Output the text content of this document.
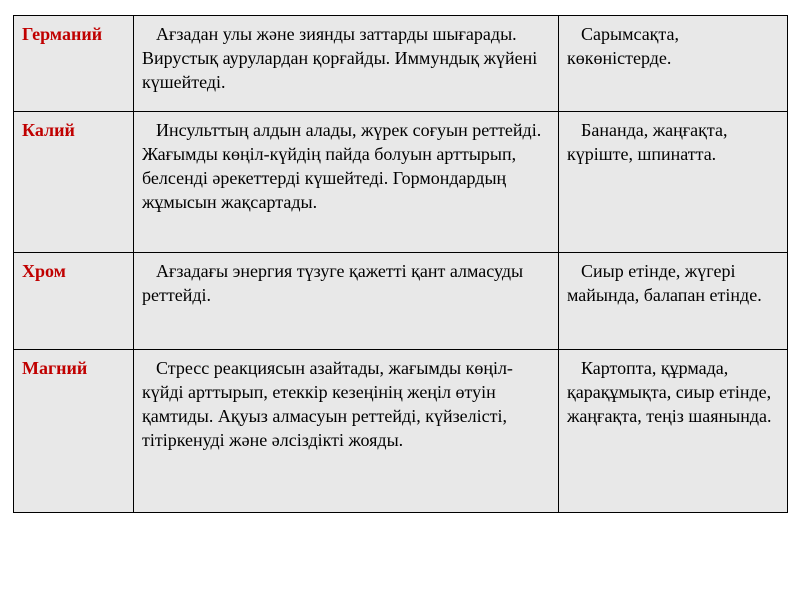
Германий	Ағзадан улы және зиянды заттарды шығарады. Вирустық аурулардан қорғайды. Иммундық жүйені күшейтеді.	Сарымсақта, көкөністерде.
Калий	Инсульттың алдын алады, жүрек соғуын реттейді. Жағымды көңіл-күйдің пайда болуын арттырып, белсенді әрекеттерді күшейтеді. Гормондардың жұмысын жақсартады.	Бананда, жаңғақта, күріште, шпинатта.
Хром	Ағзадағы энергия түзуге қажетті қант алмасуды реттейді.	Сиыр етінде, жүгері майында, балапан етінде.
Магний	Стресс реакциясын азайтады, жағымды көңіл-күйді арттырып, етеккір кезеңінің жеңіл өтуін қамтиды. Ақуыз алмасуын реттейді, күйзелісті, тітіркенуді және әлсіздікті жояды.	Картопта, құрмада, қарақұмықта, сиыр етінде, жаңғақта, теңіз шаянында.
